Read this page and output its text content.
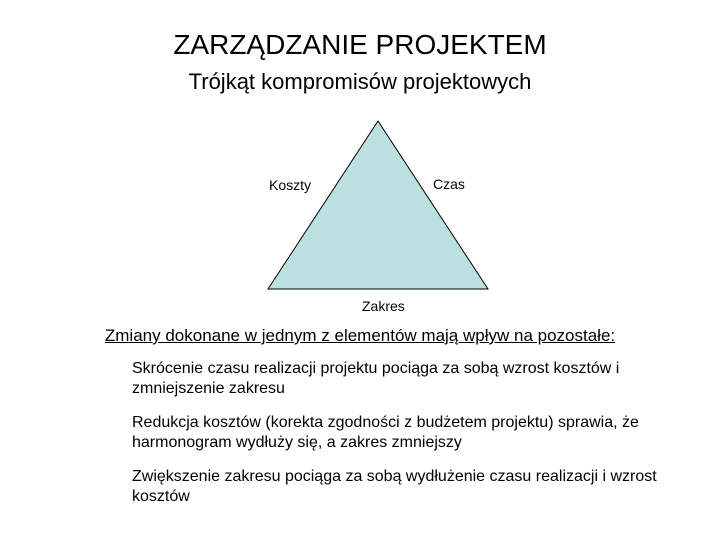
ZARZĄDZANIE PROJEKTEM
Trójkąt kompromisów projektowych
Koszty	Czas
Zakres
Zmiany dokonane w jednym z elementów mają wpływ na pozostałe:
Skrócenie czasu realizacji projektu pociąga za sobą wzrost kosztów i zmniejszenie zakresu
Redukcja kosztów (korekta zgodności z budżetem projektu) sprawia, że harmonogram wydłuży się, a zakres zmniejszy
Zwiększenie zakresu pociąga za sobą wydłużenie czasu realizacji i wzrost kosztów
